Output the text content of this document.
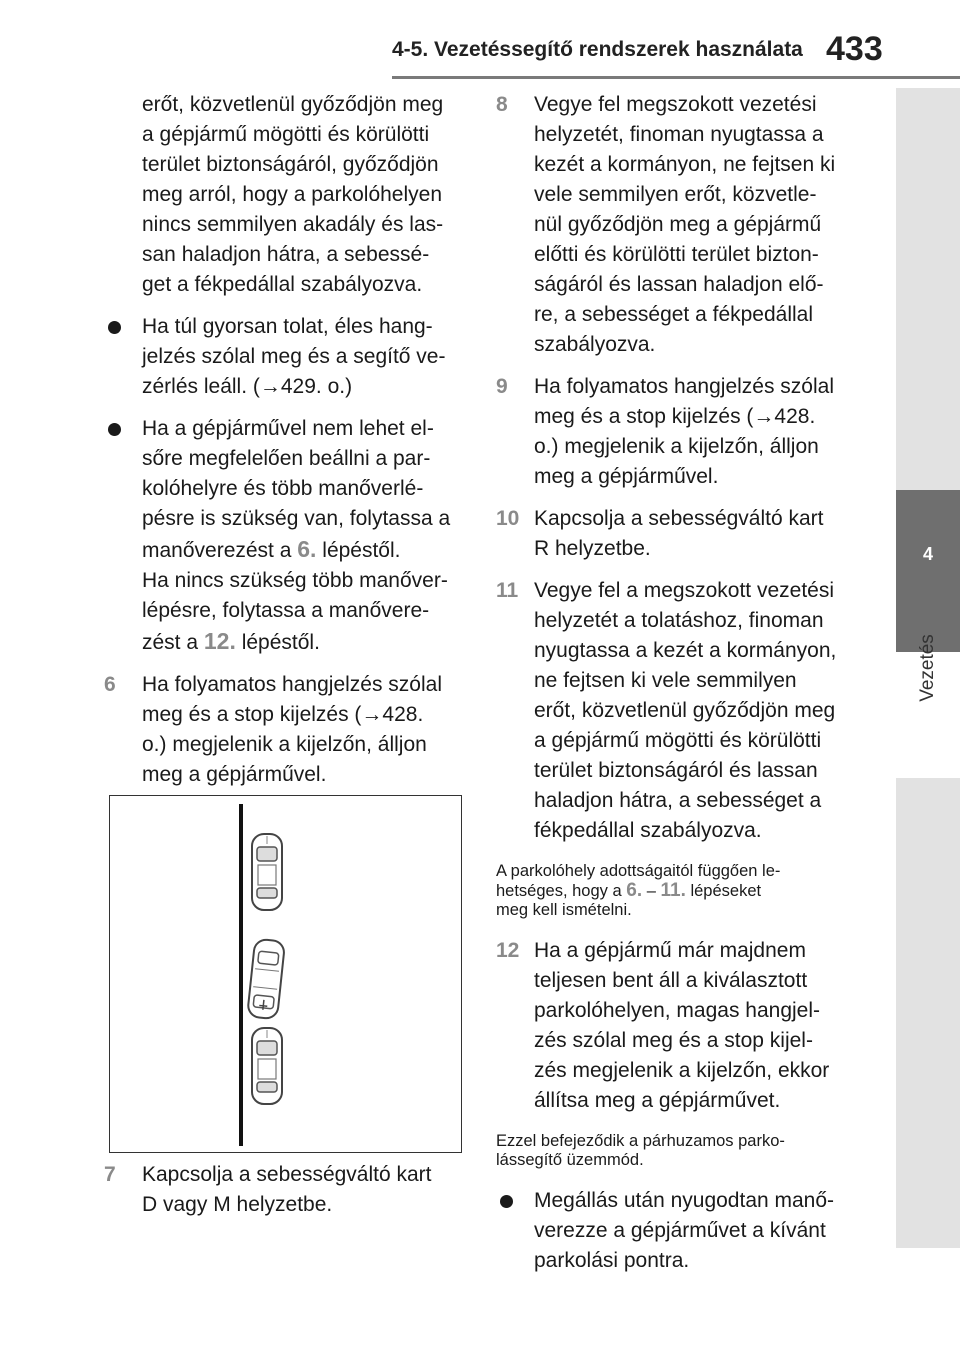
4-5. Vezetéssegítő rendszerek használata 433
4
Vezetés
erőt, közvetlenül győződjön meg
a gépjármű mögötti és körülötti
terület biztonságáról, győződjön
meg arról, hogy a parkolóhelyen
nincs semmilyen akadály és las-
san haladjon hátra, a sebessé-
get a fékpedállal szabályozva.
Ha túl gyorsan tolat, éles hang-
jelzés szólal meg és a segítő ve-
zérlés leáll. (→429. o.)
Ha a gépjárművel nem lehet el-
sőre megfelelően beállni a par-
kolóhelyre és több manőverlé-
pésre is szükség van, folytassa a
manőverezést a 6. lépéstől.
Ha nincs szükség több manőver-
lépésre, folytassa a manővere-
zést a 12. lépéstől.
6 Ha folyamatos hangjelzés szólal
meg és a stop kijelzés (→428.
o.) megjelenik a kijelzőn, álljon
meg a gépjárművel.
7 Kapcsolja a sebességváltó kart
D vagy M helyzetbe.
8 Vegye fel megszokott vezetési
helyzetét, finoman nyugtassa a
kezét a kormányon, ne fejtsen ki
vele semmilyen erőt, közvetle-
nül győződjön meg a gépjármű
előtti és körülötti terület bizton-
ságáról és lassan haladjon elő-
re, a sebességet a fékpedállal
szabályozva.
9 Ha folyamatos hangjelzés szólal
meg és a stop kijelzés (→428.
o.) megjelenik a kijelzőn, álljon
meg a gépjárművel.
10 Kapcsolja a sebességváltó kart
R helyzetbe.
11 Vegye fel a megszokott vezetési
helyzetét a tolatáshoz, finoman
nyugtassa a kezét a kormányon,
ne fejtsen ki vele semmilyen
erőt, közvetlenül győződjön meg
a gépjármű mögötti és körülötti
terület biztonságáról és lassan
haladjon hátra, a sebességet a
fékpedállal szabályozva.
A parkolóhely adottságaitól függően le-
hetséges, hogy a 6. – 11. lépéseket
meg kell ismételni.
12 Ha a gépjármű már majdnem
teljesen bent áll a kiválasztott
parkolóhelyen, magas hangjel-
zés szólal meg és a stop kijel-
zés megjelenik a kijelzőn, ekkor
állítsa meg a gépjárművet.
Ezzel befejeződik a párhuzamos parko-
lássegítő üzemmód.
Megállás után nyugodtan manő-
verezze a gépjárművet a kívánt
parkolási pontra.
